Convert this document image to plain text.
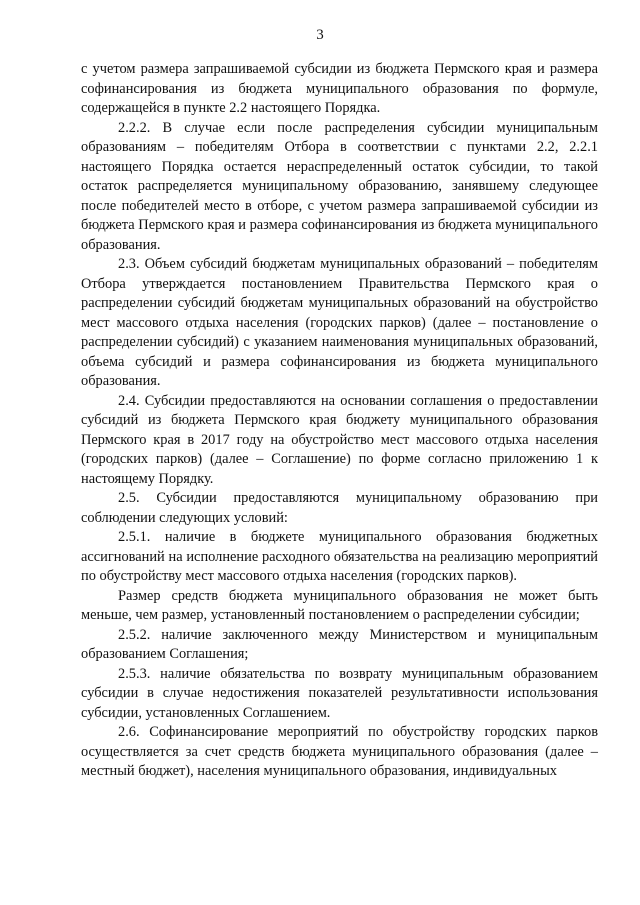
3

с учетом размера запрашиваемой субсидии из бюджета Пермского края и размера софинансирования из бюджета муниципального образования по формуле, содержащейся в пункте 2.2 настоящего Порядка.

2.2.2. В случае если после распределения субсидии муниципальным образованиям – победителям Отбора в соответствии с пунктами 2.2, 2.2.1 настоящего Порядка остается нераспределенный остаток субсидии, то такой остаток распределяется муниципальному образованию, занявшему следующее после победителей место в отборе, с учетом размера запрашиваемой субсидии из бюджета Пермского края и размера софинансирования из бюджета муниципального образования.

2.3. Объем субсидий бюджетам муниципальных образований – победителям Отбора утверждается постановлением Правительства Пермского края о распределении субсидий бюджетам муниципальных образований на обустройство мест массового отдыха населения (городских парков) (далее – постановление о распределении субсидий) с указанием наименования муниципальных образований, объема субсидий и размера софинансирования из бюджета муниципального образования.

2.4. Субсидии предоставляются на основании соглашения о предоставлении субсидий из бюджета Пермского края бюджету муниципального образования Пермского края в 2017 году на обустройство мест массового отдыха населения (городских парков) (далее – Соглашение) по форме согласно приложению 1 к настоящему Порядку.

2.5. Субсидии предоставляются муниципальному образованию при соблюдении следующих условий:

2.5.1. наличие в бюджете муниципального образования бюджетных ассигнований на исполнение расходного обязательства на реализацию мероприятий по обустройству мест массового отдыха населения (городских парков).

Размер средств бюджета муниципального образования не может быть меньше, чем размер, установленный постановлением о распределении субсидии;

2.5.2. наличие заключенного между Министерством и муниципальным образованием Соглашения;

2.5.3. наличие обязательства по возврату муниципальным образованием субсидии в случае недостижения показателей результативности использования субсидии, установленных Соглашением.

2.6. Софинансирование мероприятий по обустройству городских парков осуществляется за счет средств бюджета муниципального образования (далее – местный бюджет), населения муниципального образования, индивидуальных
